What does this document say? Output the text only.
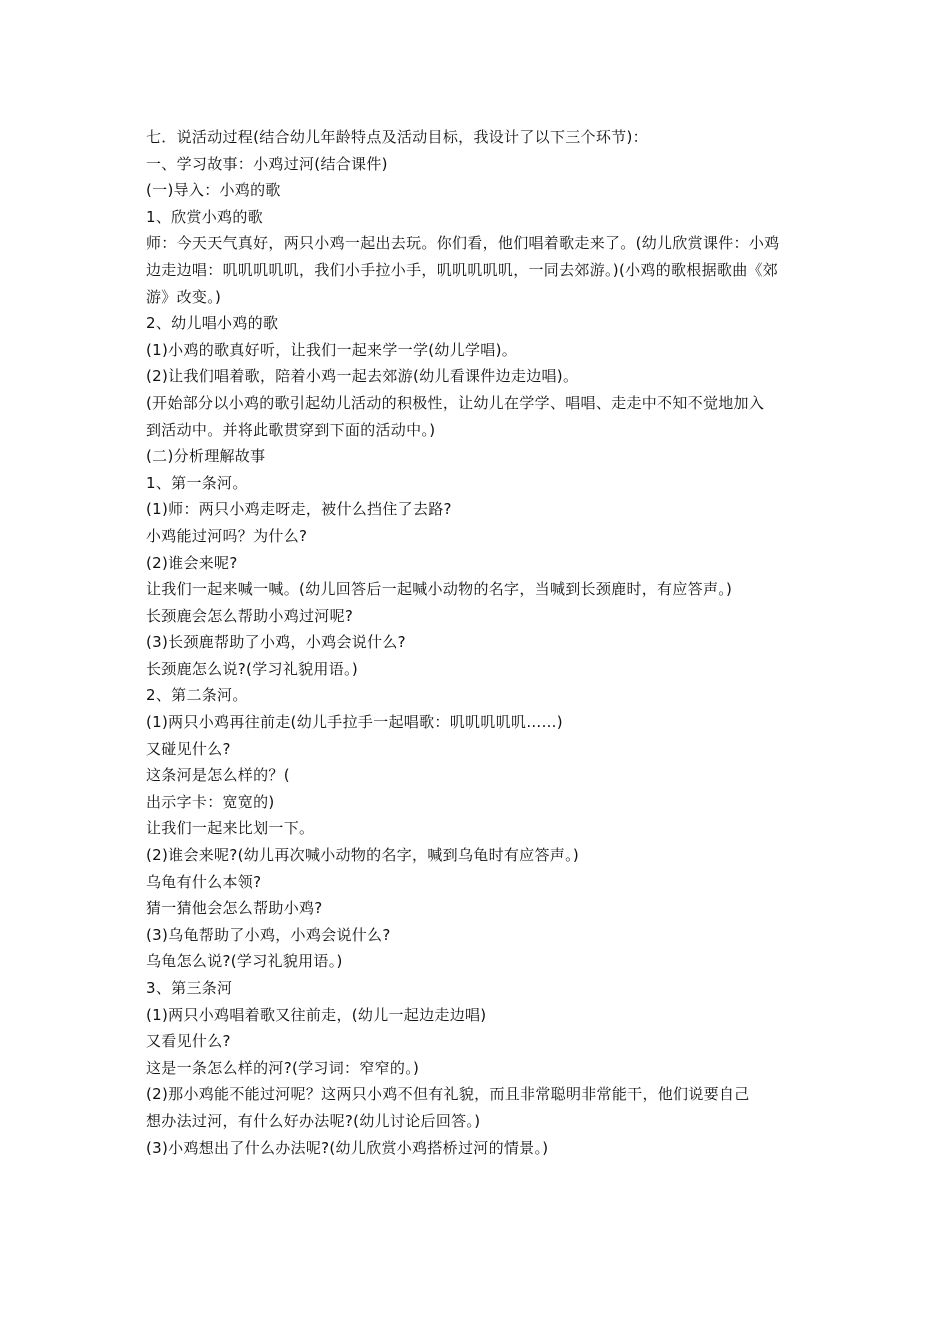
七．说活动过程(结合幼儿年龄特点及活动目标，我设计了以下三个环节)：
一、学习故事：小鸡过河(结合课件)
(一)导入：小鸡的歌
1、欣赏小鸡的歌
师：今天天气真好，两只小鸡一起出去玩。你们看，他们唱着歌走来了。(幼儿欣赏课件：小鸡
边走边唱：叽叽叽叽叽，我们小手拉小手，叽叽叽叽叽，一同去郊游。)(小鸡的歌根据歌曲《郊
游》改变。)
2、幼儿唱小鸡的歌
(1)小鸡的歌真好听，让我们一起来学一学(幼儿学唱)。
(2)让我们唱着歌，陪着小鸡一起去郊游(幼儿看课件边走边唱)。
(开始部分以小鸡的歌引起幼儿活动的积极性，让幼儿在学学、唱唱、走走中不知不觉地加入
到活动中。并将此歌贯穿到下面的活动中。)
(二)分析理解故事
1、第一条河。
(1)师：两只小鸡走呀走，被什么挡住了去路?
小鸡能过河吗？为什么?
(2)谁会来呢?
让我们一起来喊一喊。(幼儿回答后一起喊小动物的名字，当喊到长颈鹿时，有应答声。)
长颈鹿会怎么帮助小鸡过河呢?
(3)长颈鹿帮助了小鸡，小鸡会说什么?
长颈鹿怎么说?(学习礼貌用语。)
2、第二条河。
(1)两只小鸡再往前走(幼儿手拉手一起唱歌：叽叽叽叽叽……)
又碰见什么?
这条河是怎么样的？(
出示字卡：宽宽的)
让我们一起来比划一下。
(2)谁会来呢?(幼儿再次喊小动物的名字，喊到乌龟时有应答声。)
乌龟有什么本领?
猜一猜他会怎么帮助小鸡?
(3)乌龟帮助了小鸡，小鸡会说什么?
乌龟怎么说?(学习礼貌用语。)
3、第三条河
(1)两只小鸡唱着歌又往前走，(幼儿一起边走边唱)
又看见什么?
这是一条怎么样的河?(学习词：窄窄的。)
(2)那小鸡能不能过河呢？这两只小鸡不但有礼貌，而且非常聪明非常能干，他们说要自己
想办法过河，有什么好办法呢?(幼儿讨论后回答。)
(3)小鸡想出了什么办法呢?(幼儿欣赏小鸡搭桥过河的情景。)
